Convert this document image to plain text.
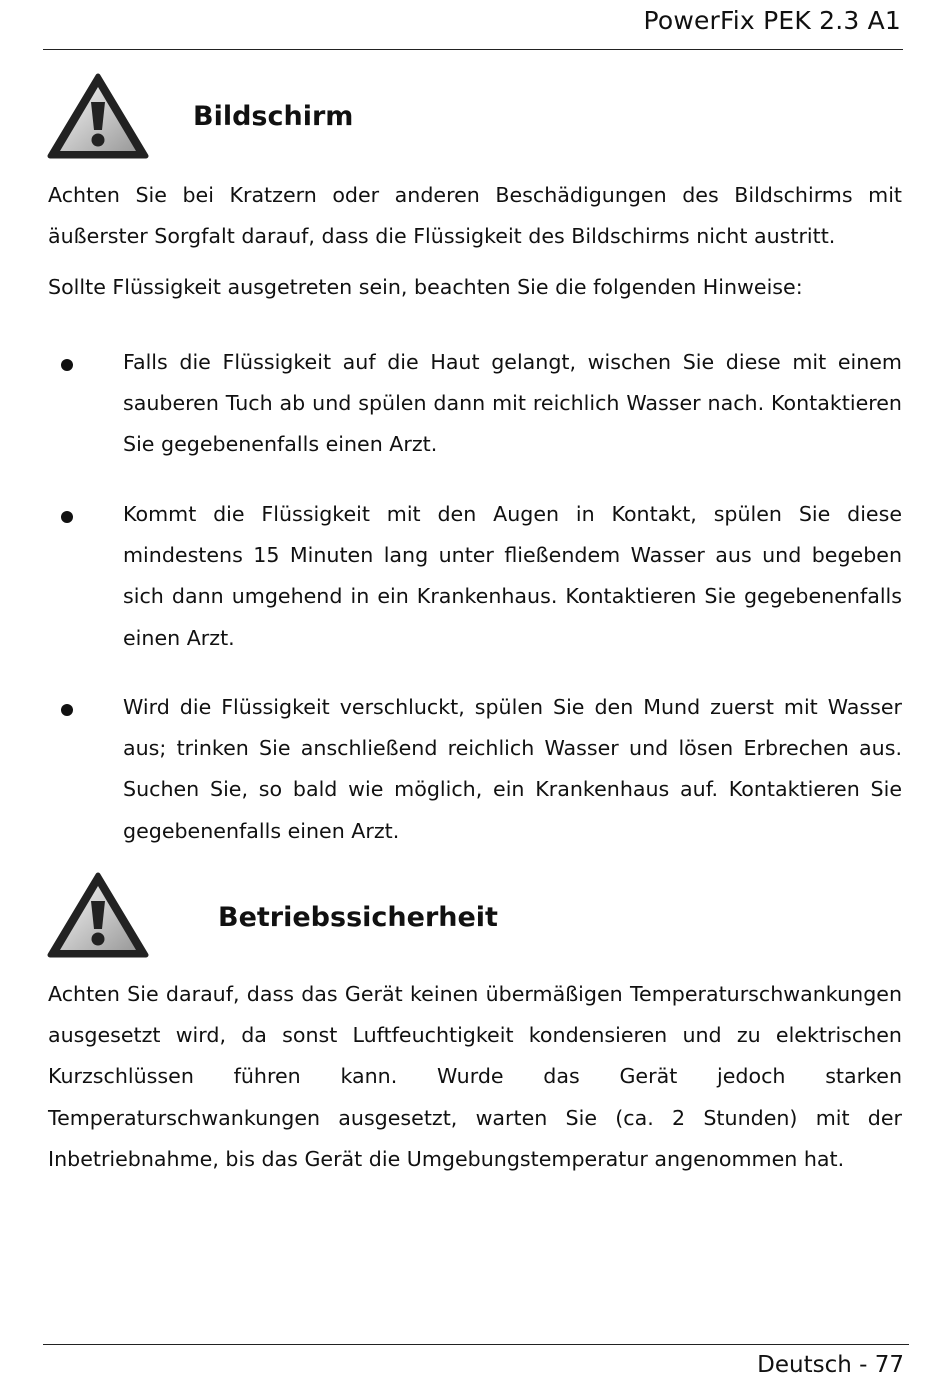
PowerFix PEK 2.3 A1
Bildschirm
Achten Sie bei Kratzern oder anderen Beschädigungen des Bildschirms mit äußerster Sorgfalt darauf, dass die Flüssigkeit des Bildschirms nicht austritt.
Sollte Flüssigkeit ausgetreten sein, beachten Sie die folgenden Hinweise:
Falls die Flüssigkeit auf die Haut gelangt, wischen Sie diese mit einem sauberen Tuch ab und spülen dann mit reichlich Wasser nach. Kontaktieren Sie gegebenenfalls einen Arzt.
Kommt die Flüssigkeit mit den Augen in Kontakt, spülen Sie diese mindestens 15 Minuten lang unter fließendem Wasser aus und begeben sich dann umgehend in ein Krankenhaus. Kontaktieren Sie gegebenenfalls einen Arzt.
Wird die Flüssigkeit verschluckt, spülen Sie den Mund zuerst mit Wasser aus; trinken Sie anschließend reichlich Wasser und lösen Erbrechen aus. Suchen Sie, so bald wie möglich, ein Krankenhaus auf. Kontaktieren Sie gegebenenfalls einen Arzt.
Betriebssicherheit
Achten Sie darauf, dass das Gerät keinen übermäßigen Temperaturschwankungen ausgesetzt wird, da sonst Luftfeuchtigkeit kondensieren und zu elektrischen Kurzschlüssen führen kann. Wurde das Gerät jedoch starken Temperaturschwankungen ausgesetzt, warten Sie (ca. 2 Stunden) mit der Inbetriebnahme, bis das Gerät die Umgebungstemperatur angenommen hat.
Deutsch - 77
